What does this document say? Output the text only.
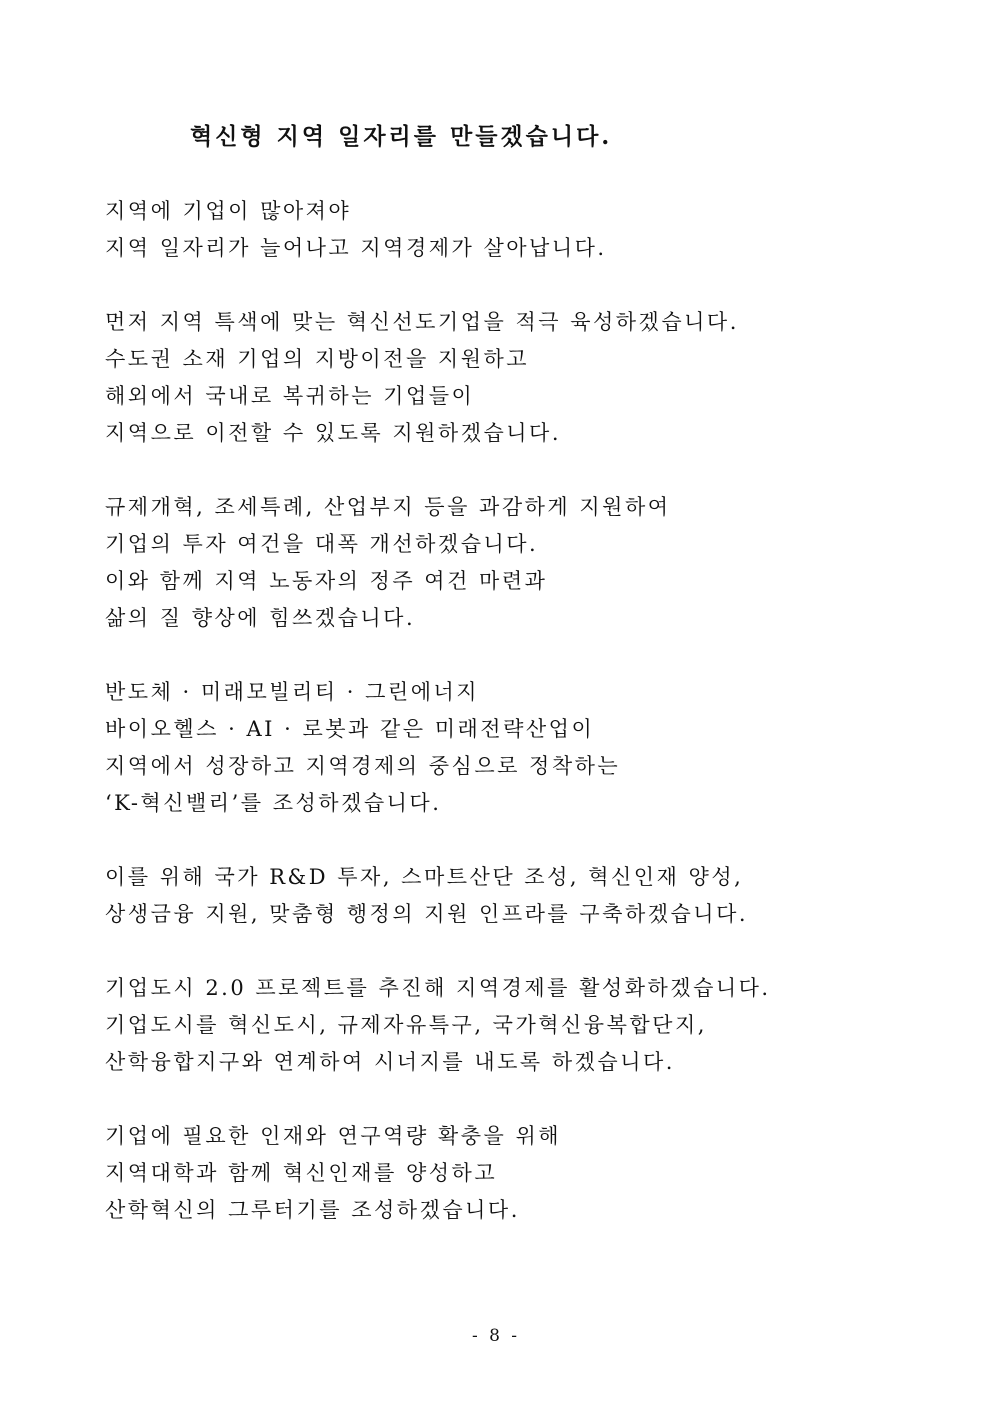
혁신형 지역 일자리를 만들겠습니다.
지역에 기업이 많아져야
지역 일자리가 늘어나고 지역경제가 살아납니다.
먼저 지역 특색에 맞는 혁신선도기업을 적극 육성하겠습니다.
수도권 소재 기업의 지방이전을 지원하고
해외에서 국내로 복귀하는 기업들이
지역으로 이전할 수 있도록 지원하겠습니다.
규제개혁, 조세특례, 산업부지 등을 과감하게 지원하여
기업의 투자 여건을 대폭 개선하겠습니다.
이와 함께 지역 노동자의 정주 여건 마련과
삶의 질 향상에 힘쓰겠습니다.
반도체 · 미래모빌리티 · 그린에너지
바이오헬스 · AI · 로봇과 같은 미래전략산업이
지역에서 성장하고 지역경제의 중심으로 정착하는
‘K-혁신밸리’를 조성하겠습니다.
이를 위해 국가 R&D 투자, 스마트산단 조성, 혁신인재 양성,
상생금융 지원, 맞춤형 행정의 지원 인프라를 구축하겠습니다.
기업도시 2.0 프로젝트를 추진해 지역경제를 활성화하겠습니다.
기업도시를 혁신도시, 규제자유특구, 국가혁신융복합단지,
산학융합지구와 연계하여 시너지를 내도록 하겠습니다.
기업에 필요한 인재와 연구역량 확충을 위해
지역대학과 함께 혁신인재를 양성하고
산학혁신의 그루터기를 조성하겠습니다.
- 8 -
